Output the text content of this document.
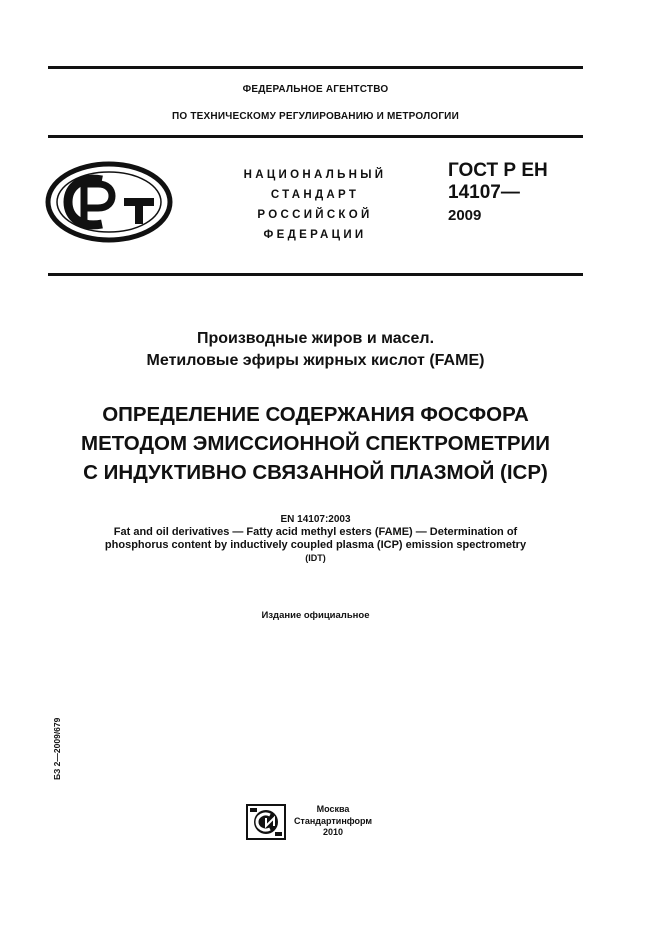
ФЕДЕРАЛЬНОЕ АГЕНТСТВО
ПО ТЕХНИЧЕСКОМУ РЕГУЛИРОВАНИЮ И МЕТРОЛОГИИ
НАЦИОНАЛЬНЫЙ
СТАНДАРТ
РОССИЙСКОЙ
ФЕДЕРАЦИИ
ГОСТ Р ЕН
14107—
2009
Производные жиров и масел.
Метиловые эфиры жирных кислот (FAME)
ОПРЕДЕЛЕНИЕ СОДЕРЖАНИЯ ФОСФОРА
МЕТОДОМ ЭМИССИОННОЙ СПЕКТРОМЕТРИИ
С ИНДУКТИВНО СВЯЗАННОЙ ПЛАЗМОЙ (ICP)
EN 14107:2003
Fat and oil derivatives — Fatty acid methyl esters (FAME) — Determination of
phosphorus content by inductively coupled plasma (ICP) emission spectrometry
(IDT)
Издание официальное
БЗ 2—2009/679
Москва
Стандартинформ
2010
